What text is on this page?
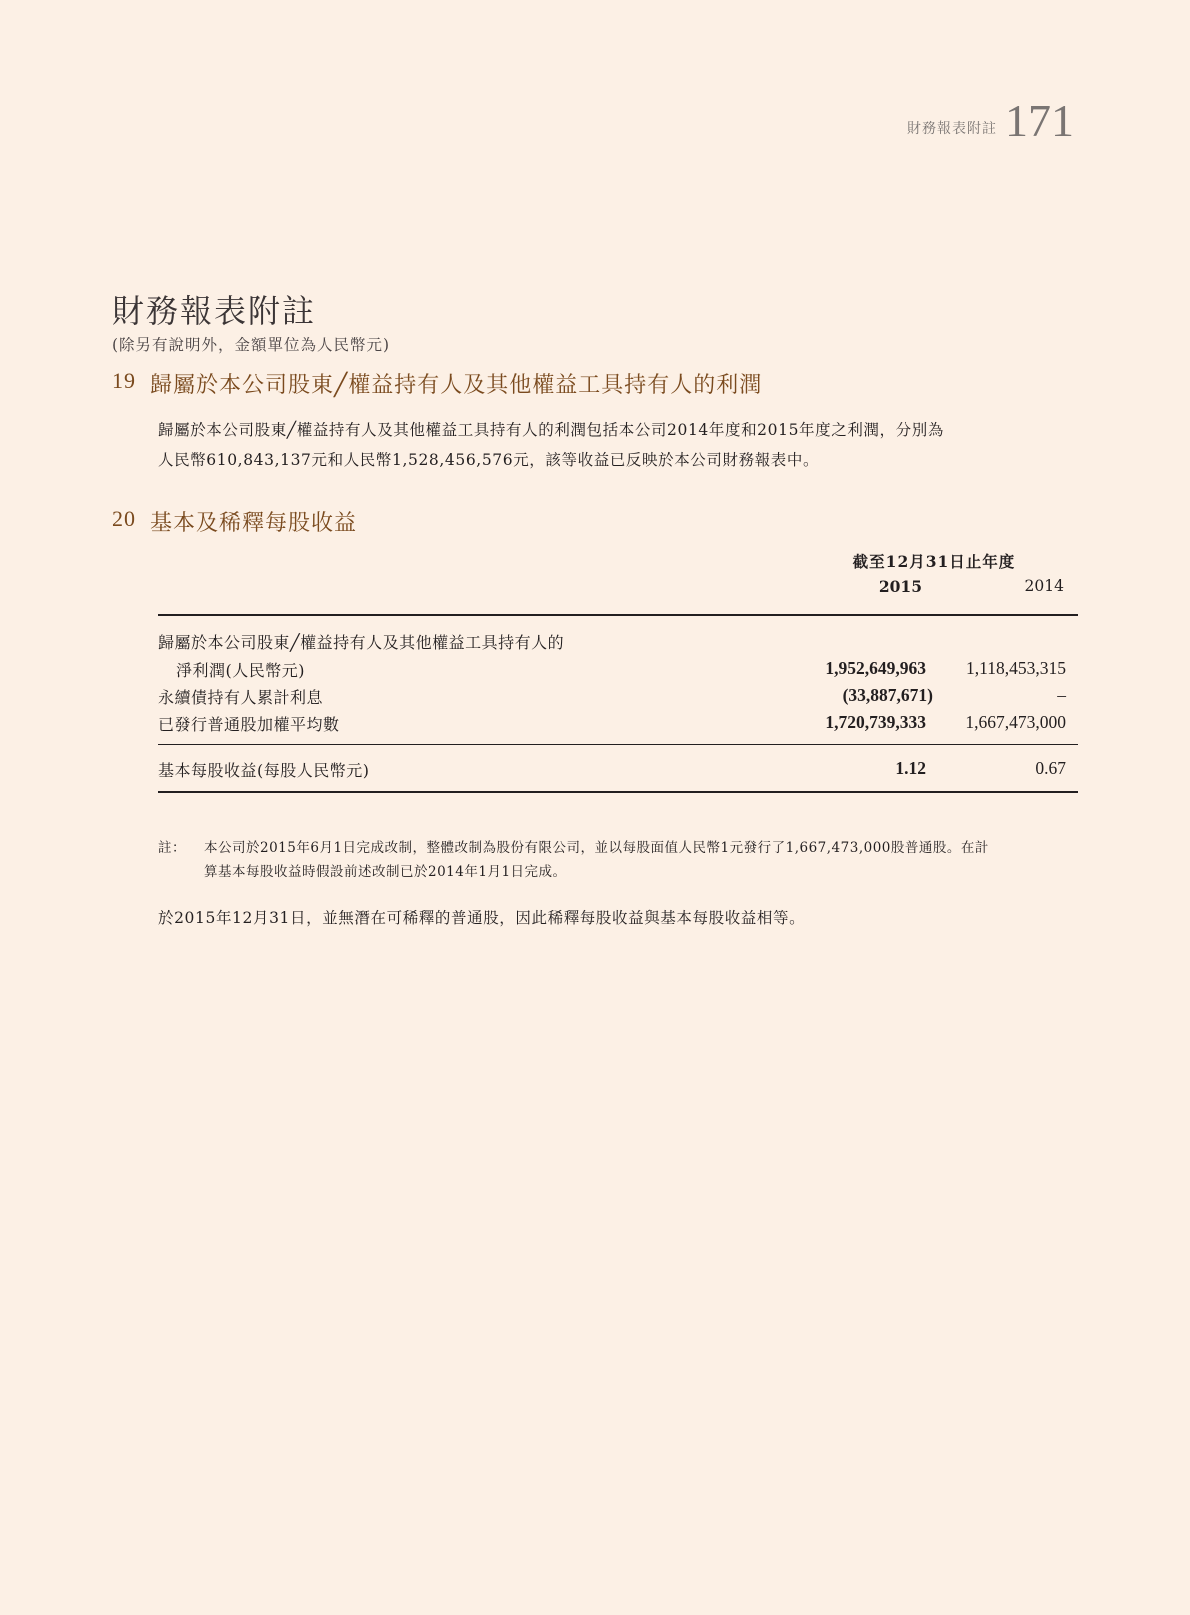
財務報表附註 171
財務報表附註
(除另有說明外，金額單位為人民幣元)
19 歸屬於本公司股東╱權益持有人及其他權益工具持有人的利潤
歸屬於本公司股東╱權益持有人及其他權益工具持有人的利潤包括本公司2014年度和2015年度之利潤，分別為
人民幣610,843,137元和人民幣1,528,456,576元，該等收益已反映於本公司財務報表中。
20 基本及稀釋每股收益
截至12月31日止年度
2015	2014
歸屬於本公司股東╱權益持有人及其他權益工具持有人的
淨利潤(人民幣元)	1,952,649,963 1,118,453,315
永續債持有人累計利息	(33,887,671)	–
已發行普通股加權平均數	1,720,739,333 1,667,473,000
基本每股收益(每股人民幣元)	1.12	0.67
註： 本公司於2015年6月1日完成改制，整體改制為股份有限公司，並以每股面值人民幣1元發行了1,667,473,000股普通股。在計
算基本每股收益時假設前述改制已於2014年1月1日完成。
於2015年12月31日，並無潛在可稀釋的普通股，因此稀釋每股收益與基本每股收益相等。
